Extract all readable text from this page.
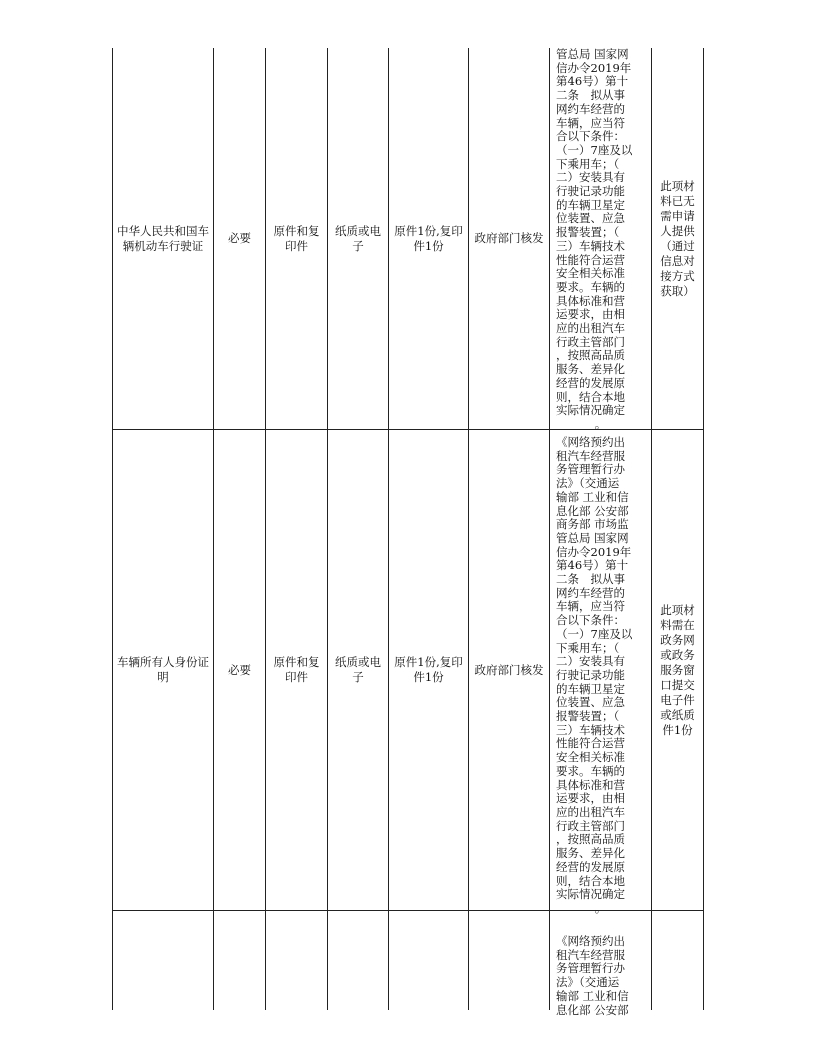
中华人民共和国车辆机动车行驶证
必要
原件和复印件
纸质或电子
原件1份,复印件1份
政府部门核发
管总局 国家网
信办令2019年
第46号）第十
二条　拟从事
网约车经营的
车辆，应当符
合以下条件：
（一）7座及以
下乘用车；（
二）安装具有
行驶记录功能
的车辆卫星定
位装置、应急
报警装置；（
三）车辆技术
性能符合运营
安全相关标准
要求。车辆的
具体标准和营
运要求，由相
应的出租汽车
行政主管部门
，按照高品质
服务、差异化
经营的发展原
则，结合本地
实际情况确定
。
此项材料已无需申请人提供（通过信息对接方式获取）
车辆所有人身份证明
必要
原件和复印件
纸质或电子
原件1份,复印件1份
政府部门核发
《网络预约出
租汽车经营服
务管理暂行办
法》（交通运
输部 工业和信
息化部 公安部
商务部 市场监
管总局 国家网
信办令2019年
第46号）第十
二条　拟从事
网约车经营的
车辆，应当符
合以下条件：
（一）7座及以
下乘用车；（
二）安装具有
行驶记录功能
的车辆卫星定
位装置、应急
报警装置；（
三）车辆技术
性能符合运营
安全相关标准
要求。车辆的
具体标准和营
运要求，由相
应的出租汽车
行政主管部门
，按照高品质
服务、差异化
经营的发展原
则，结合本地
实际情况确定
。
此项材料需在政务网或政务服务窗口提交电子件或纸质件1份
《网络预约出
租汽车经营服
务管理暂行办
法》（交通运
输部 工业和信
息化部 公安部
